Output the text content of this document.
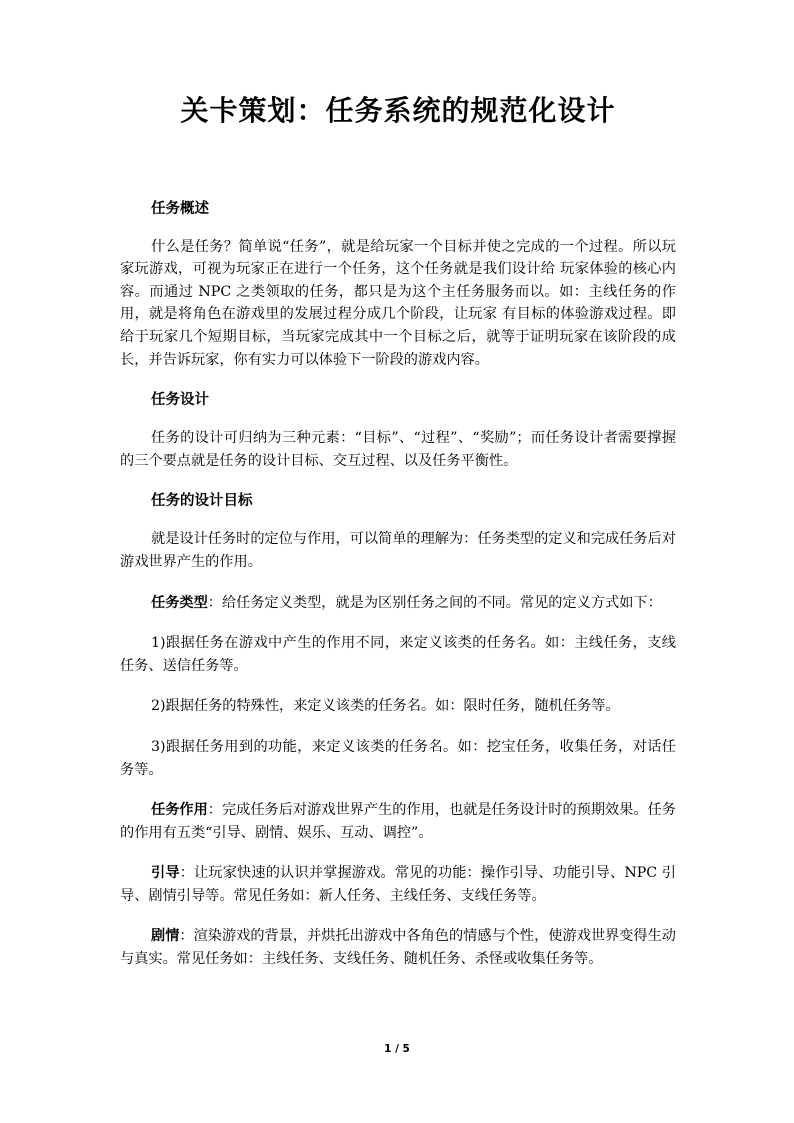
关卡策划：任务系统的规范化设计
任务概述

什么是任务？简单说“任务”，就是给玩家一个目标并使之完成的一个过程。所以玩家玩游戏，可视为玩家正在进行一个任务，这个任务就是我们设计给 玩家体验的核心内容。而通过 NPC 之类领取的任务，都只是为这个主任务服务而以。如：主线任务的作用，就是将角色在游戏里的发展过程分成几个阶段，让玩家 有目标的体验游戏过程。即给于玩家几个短期目标，当玩家完成其中一个目标之后，就等于证明玩家在该阶段的成长，并告诉玩家，你有实力可以体验下一阶段的游戏内容。

任务设计

任务的设计可归纳为三种元素：“目标”、“过程”、“奖励”；而任务设计者需要撑握的三个要点就是任务的设计目标、交互过程、以及任务平衡性。

任务的设计目标

就是设计任务时的定位与作用，可以简单的理解为：任务类型的定义和完成任务后对游戏世界产生的作用。

任务类型：给任务定义类型，就是为区别任务之间的不同。常见的定义方式如下：

1)跟据任务在游戏中产生的作用不同，来定义该类的任务名。如：主线任务，支线任务、送信任务等。

2)跟据任务的特殊性，来定义该类的任务名。如：限时任务，随机任务等。

3)跟据任务用到的功能，来定义该类的任务名。如：挖宝任务，收集任务，对话任务等。

任务作用：完成任务后对游戏世界产生的作用，也就是任务设计时的预期效果。任务的作用有五类“引导、剧情、娱乐、互动、调控”。

引导：让玩家快速的认识并掌握游戏。常见的功能：操作引导、功能引导、NPC 引导、剧情引导等。常见任务如：新人任务、主线任务、支线任务等。

剧情：渲染游戏的背景，并烘托出游戏中各角色的情感与个性，使游戏世界变得生动与真实。常见任务如：主线任务、支线任务、随机任务、杀怪或收集任务等。

1 / 5
